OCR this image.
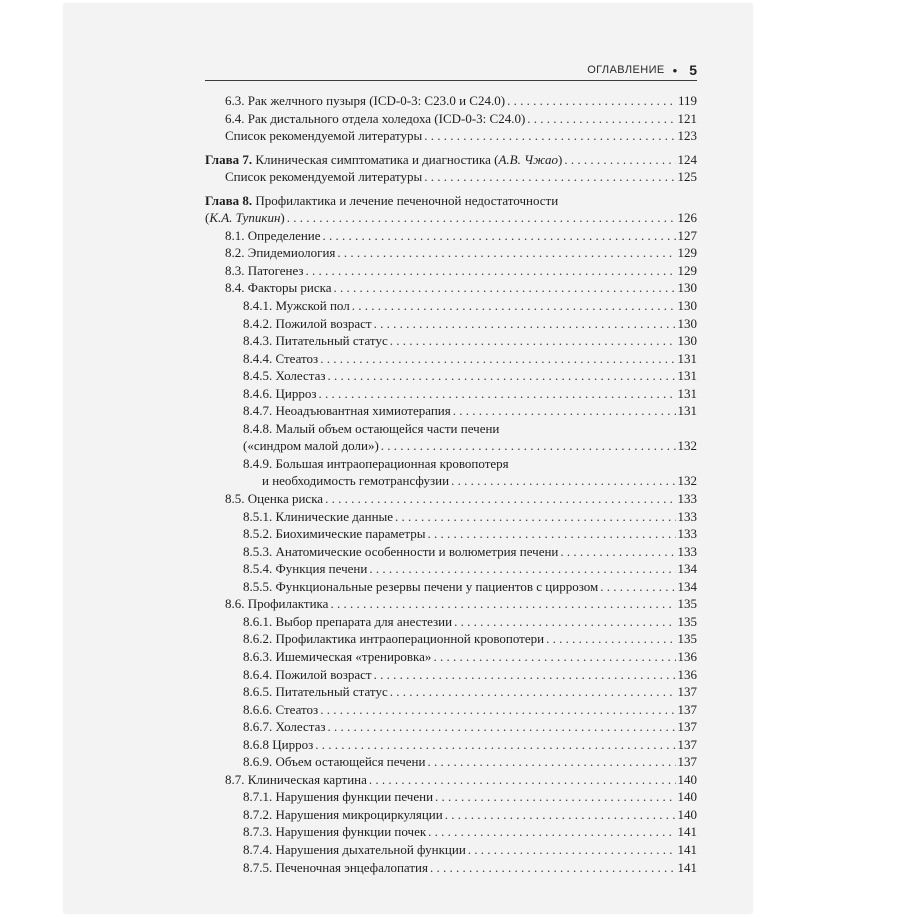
ОГЛАВЛЕНИЕ • 5
6.3. Рак желчного пузыря (ICD-0-3: C23.0 и C24.0) . . .	119
6.4. Рак дистального отдела холедоха (ICD-0-3: C24.0) . . .	121
Список рекомендуемой литературы . . .	123
Глава 7. Клиническая симптоматика и диагностика (А.В. Чжао) . . .	124
Список рекомендуемой литературы . . .	125
Глава 8. Профилактика и лечение печеночной недостаточности
(К.А. Тупикин) . . .	126
8.1. Определение . . .	127
8.2. Эпидемиология . . .	129
8.3. Патогенез . . .	129
8.4. Факторы риска . . .	130
8.4.1. Мужской пол . . .	130
8.4.2. Пожилой возраст . . .	130
8.4.3. Питательный статус . . .	130
8.4.4. Стеатоз . . .	131
8.4.5. Холестаз . . .	131
8.4.6. Цирроз . . .	131
8.4.7. Неоадъювантная химиотерапия . . .	131
8.4.8. Малый объем остающейся части печени
(«синдром малой доли») . . .	132
8.4.9. Большая интраоперационная кровопотеря
и необходимость гемотрансфузии . . .	132
8.5. Оценка риска . . .	133
8.5.1. Клинические данные . . .	133
8.5.2. Биохимические параметры . . .	133
8.5.3. Анатомические особенности и волюметрия печени . . .	133
8.5.4. Функция печени . . .	134
8.5.5. Функциональные резервы печени у пациентов с циррозом . . .	134
8.6. Профилактика . . .	135
8.6.1. Выбор препарата для анестезии . . .	135
8.6.2. Профилактика интраоперационной кровопотери . . .	135
8.6.3. Ишемическая «тренировка» . . .	136
8.6.4. Пожилой возраст . . .	136
8.6.5. Питательный статус . . .	137
8.6.6. Стеатоз . . .	137
8.6.7. Холестаз . . .	137
8.6.8 Цирроз . . .	137
8.6.9. Объем остающейся печени . . .	137
8.7. Клиническая картина . . .	140
8.7.1. Нарушения функции печени . . .	140
8.7.2. Нарушения микроциркуляции . . .	140
8.7.3. Нарушения функции почек . . .	141
8.7.4. Нарушения дыхательной функции . . .	141
8.7.5. Печеночная энцефалопатия . . .	141
